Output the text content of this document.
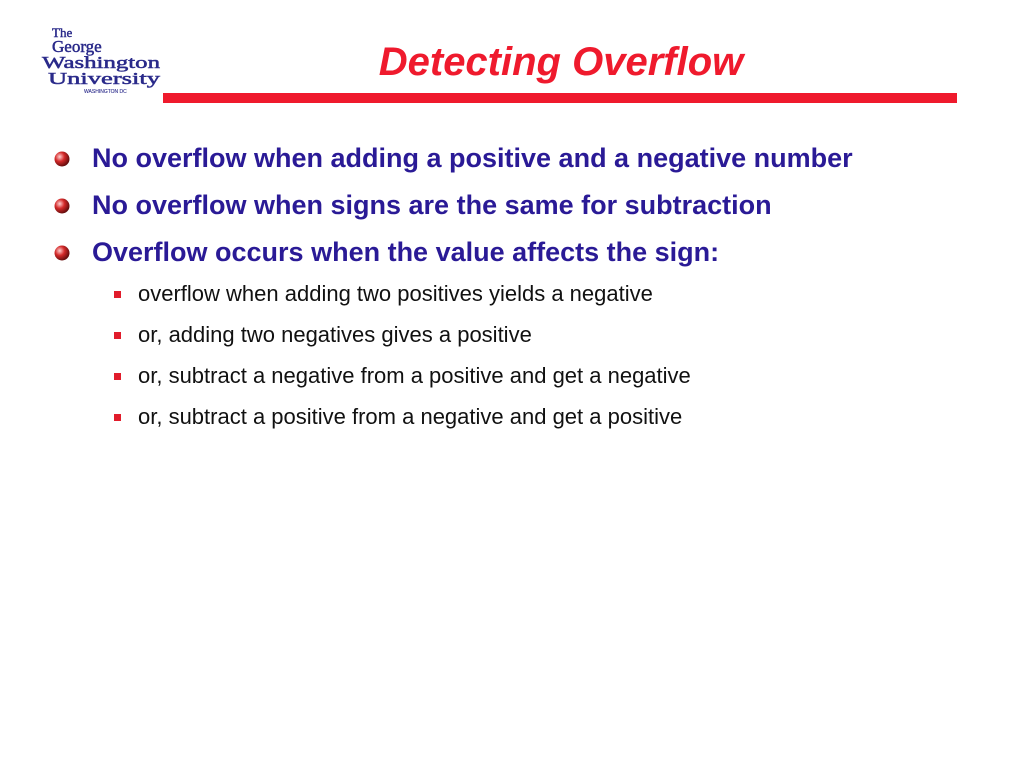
The
George
Washington
University
WASHINGTON DC
Detecting Overflow
No overflow when adding a positive and a negative number
No overflow when signs are the same for subtraction
Overflow occurs when the value affects the sign:
overflow when adding two positives yields a negative
or, adding two negatives gives a positive
or, subtract a negative from a positive and get a negative
or, subtract a positive from a negative and get a positive
